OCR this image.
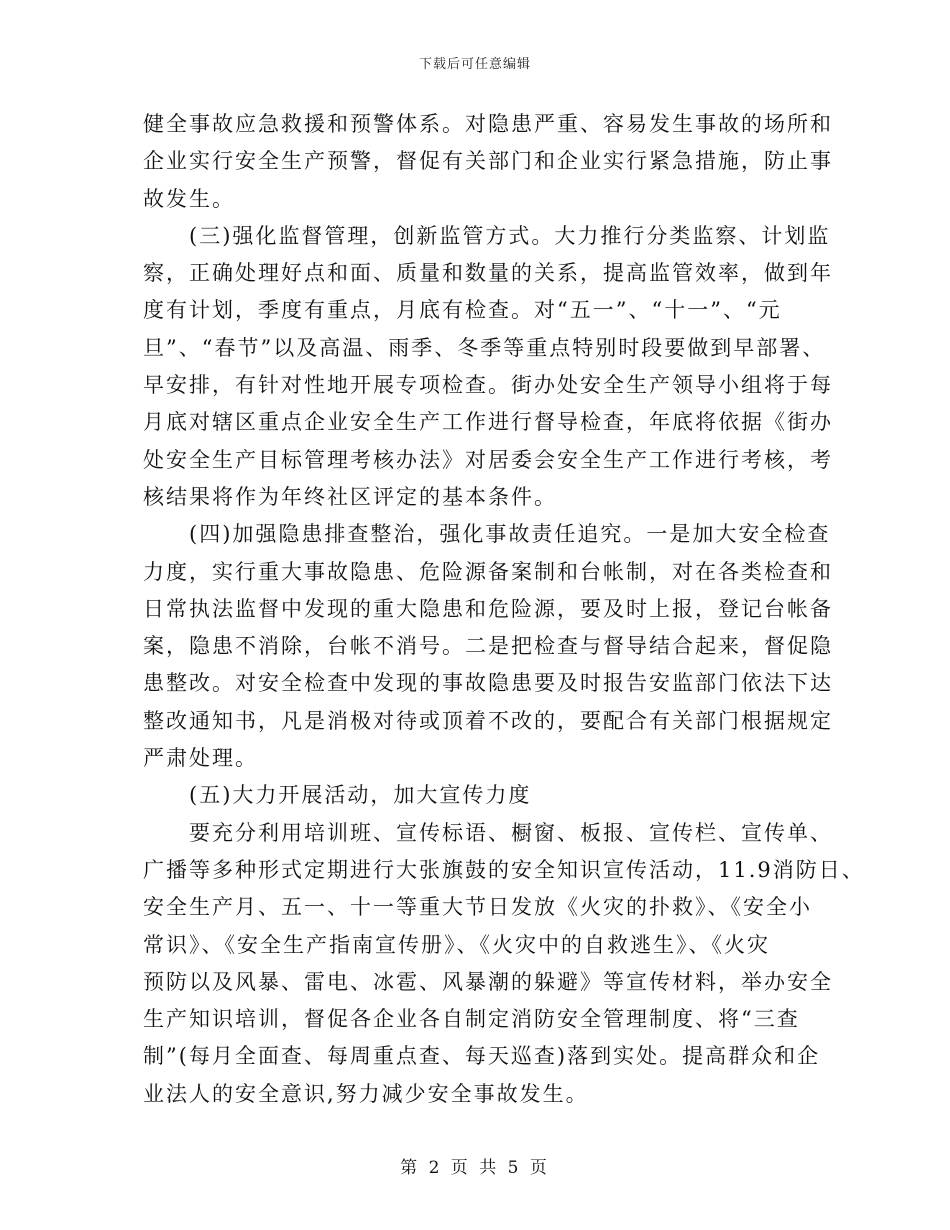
下载后可任意编辑
健全事故应急救援和预警体系。对隐患严重、容易发生事故的场所和
企业实行安全生产预警，督促有关部门和企业实行紧急措施，防止事
故发生。
　　(三)强化监督管理，创新监管方式。大力推行分类监察、计划监
察，正确处理好点和面、质量和数量的关系，提高监管效率，做到年
度有计划，季度有重点，月底有检查。对“五一”、“十一”、“元
旦”、“春节”以及高温、雨季、冬季等重点特别时段要做到早部署、
早安排，有针对性地开展专项检查。街办处安全生产领导小组将于每
月底对辖区重点企业安全生产工作进行督导检查，年底将依据《街办
处安全生产目标管理考核办法》对居委会安全生产工作进行考核，考
核结果将作为年终社区评定的基本条件。
　　(四)加强隐患排查整治，强化事故责任追究。一是加大安全检查
力度，实行重大事故隐患、危险源备案制和台帐制，对在各类检查和
日常执法监督中发现的重大隐患和危险源，要及时上报，登记台帐备
案，隐患不消除，台帐不消号。二是把检查与督导结合起来，督促隐
患整改。对安全检查中发现的事故隐患要及时报告安监部门依法下达
整改通知书，凡是消极对待或顶着不改的，要配合有关部门根据规定
严肃处理。
　　(五)大力开展活动，加大宣传力度
　　要充分利用培训班、宣传标语、橱窗、板报、宣传栏、宣传单、
广播等多种形式定期进行大张旗鼓的安全知识宣传活动，11.9消防日、
安全生产月、五一、十一等重大节日发放《火灾的扑救》、《安全小
常识》、《安全生产指南宣传册》、《火灾中的自救逃生》、《火灾
预防以及风暴、雷电、冰雹、风暴潮的躲避》等宣传材料，举办安全
生产知识培训，督促各企业各自制定消防安全管理制度、将“三查
制”(每月全面查、每周重点查、每天巡查)落到实处。提高群众和企
业法人的安全意识,努力减少安全事故发生。
第 2 页 共 5 页
